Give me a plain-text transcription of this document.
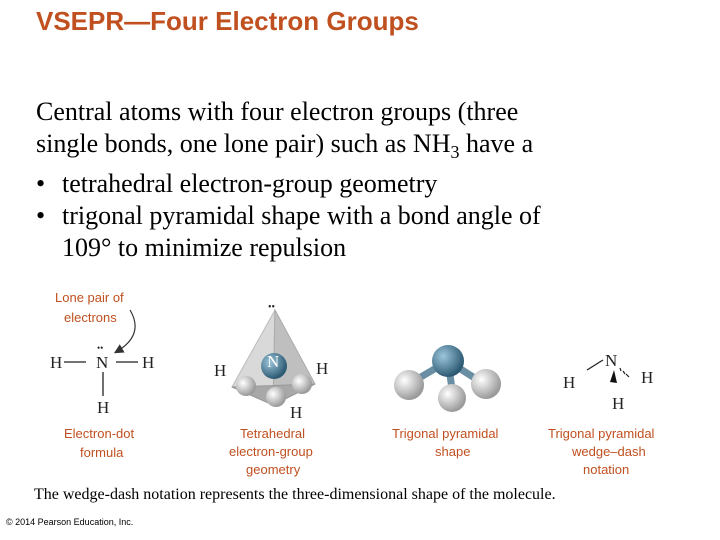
VSEPR—Four Electron Groups
Central atoms with four electron groups (three
single bonds, one lone pair) such as $NH_3$ have a
• tetrahedral electron-group geometry
• trigonal pyramidal shape with a bond angle of
109° to minimize repulsion
Lone pair of
electrons
••
H N H
H
Electron-dot
formula
••
N
H	H
H
Tetrahedral
electron-group
geometry
Trigonal pyramidal
shape
N
H	H
H
Trigonal pyramidal
wedge–dash
notation
The wedge-dash notation represents the three-dimensional shape of the molecule.
© 2014 Pearson Education, Inc.
